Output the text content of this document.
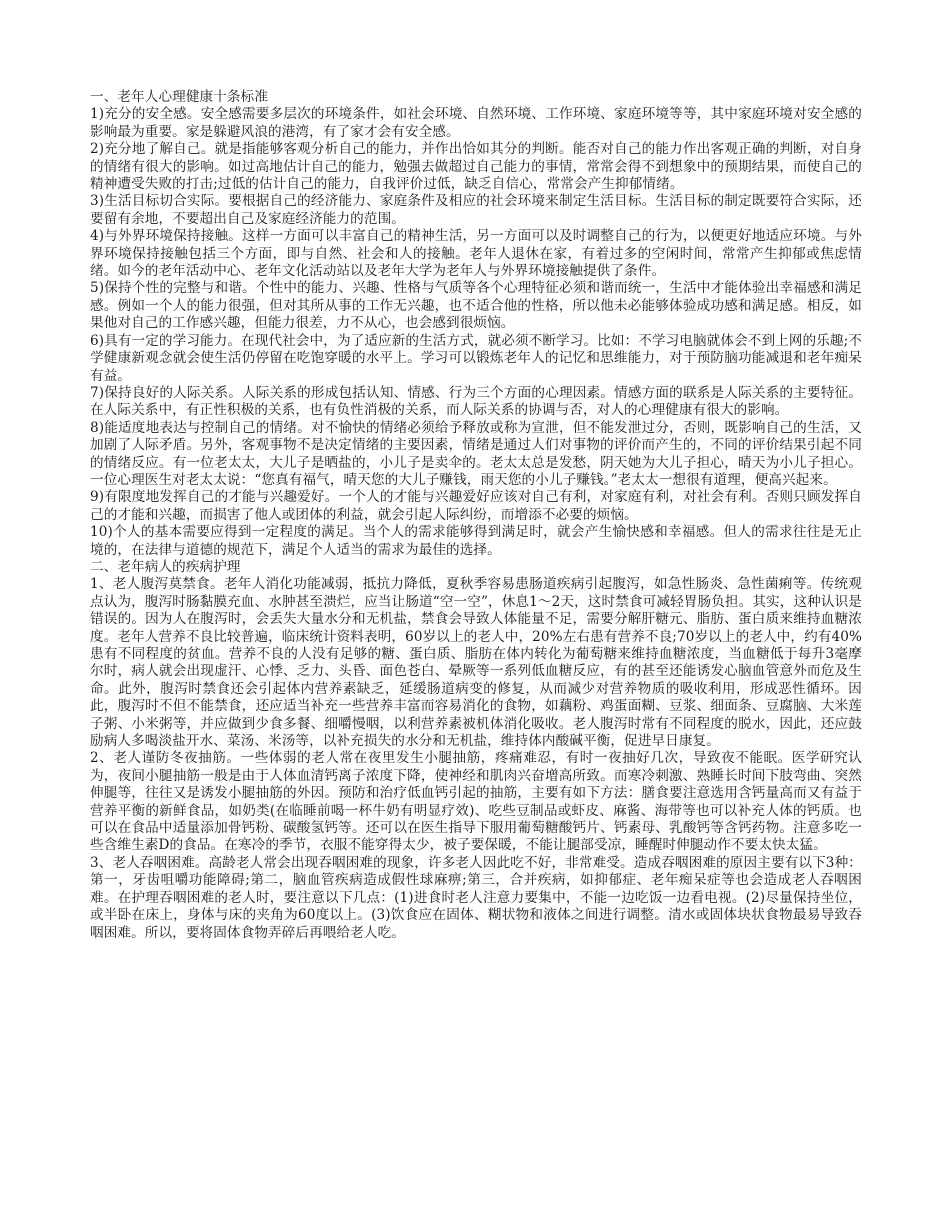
一、老年人心理健康十条标准

1)充分的安全感。安全感需要多层次的环境条件，如社会环境、自然环境、工作环境、家庭环境等等，其中家庭环境对安全感的影响最为重要。家是躲避风浪的港湾，有了家才会有安全感。

2)充分地了解自己。就是指能够客观分析自己的能力，并作出恰如其分的判断。能否对自己的能力作出客观正确的判断，对自身的情绪有很大的影响。如过高地估计自己的能力，勉强去做超过自己能力的事情，常常会得不到想象中的预期结果，而使自己的精神遭受失败的打击;过低的估计自己的能力，自我评价过低，缺乏自信心，常常会产生抑郁情绪。

3)生活目标切合实际。要根据自己的经济能力、家庭条件及相应的社会环境来制定生活目标。生活目标的制定既要符合实际，还要留有余地，不要超出自己及家庭经济能力的范围。

4)与外界环境保持接触。这样一方面可以丰富自己的精神生活，另一方面可以及时调整自己的行为，以便更好地适应环境。与外界环境保持接触包括三个方面，即与自然、社会和人的接触。老年人退休在家，有着过多的空闲时间，常常产生抑郁或焦虑情绪。如今的老年活动中心、老年文化活动站以及老年大学为老年人与外界环境接触提供了条件。

5)保持个性的完整与和谐。个性中的能力、兴趣、性格与气质等各个心理特征必须和谐而统一，生活中才能体验出幸福感和满足感。例如一个人的能力很强，但对其所从事的工作无兴趣，也不适合他的性格，所以他未必能够体验成功感和满足感。相反，如果他对自己的工作感兴趣，但能力很差，力不从心，也会感到很烦恼。

6)具有一定的学习能力。在现代社会中，为了适应新的生活方式，就必须不断学习。比如：不学习电脑就体会不到上网的乐趣;不学健康新观念就会使生活仍停留在吃饱穿暖的水平上。学习可以锻炼老年人的记忆和思维能力，对于预防脑功能减退和老年痴呆有益。

7)保持良好的人际关系。人际关系的形成包括认知、情感、行为三个方面的心理因素。情感方面的联系是人际关系的主要特征。在人际关系中，有正性积极的关系，也有负性消极的关系，而人际关系的协调与否，对人的心理健康有很大的影响。

8)能适度地表达与控制自己的情绪。对不愉快的情绪必须给予释放或称为宣泄，但不能发泄过分，否则，既影响自己的生活，又加剧了人际矛盾。另外，客观事物不是决定情绪的主要因素，情绪是通过人们对事物的评价而产生的，不同的评价结果引起不同的情绪反应。有一位老太太，大儿子是晒盐的，小儿子是卖伞的。老太太总是发愁，阴天她为大儿子担心，晴天为小儿子担心。一位心理医生对老太太说：“您真有福气，晴天您的大儿子赚钱，雨天您的小儿子赚钱。”老太太一想很有道理，便高兴起来。

9)有限度地发挥自己的才能与兴趣爱好。一个人的才能与兴趣爱好应该对自己有利，对家庭有利，对社会有利。否则只顾发挥自己的才能和兴趣，而损害了他人或团体的利益，就会引起人际纠纷，而增添不必要的烦恼。

10)个人的基本需要应得到一定程度的满足。当个人的需求能够得到满足时，就会产生愉快感和幸福感。但人的需求往往是无止境的，在法律与道德的规范下，满足个人适当的需求为最佳的选择。

二、老年病人的疾病护理

1、老人腹泻莫禁食。老年人消化功能减弱，抵抗力降低，夏秋季容易患肠道疾病引起腹泻，如急性肠炎、急性菌痢等。传统观点认为，腹泻时肠黏膜充血、水肿甚至溃烂，应当让肠道“空一空”，休息1～2天，这时禁食可减轻胃肠负担。其实，这种认识是错误的。因为人在腹泻时，会丢失大量水分和无机盐，禁食会导致人体能量不足，需要分解肝糖元、脂肪、蛋白质来维持血糖浓度。老年人营养不良比较普遍，临床统计资料表明，60岁以上的老人中，20%左右患有营养不良;70岁以上的老人中，约有40%患有不同程度的贫血。营养不良的人没有足够的糖、蛋白质、脂肪在体内转化为葡萄糖来维持血糖浓度，当血糖低于每升3毫摩尔时，病人就会出现虚汗、心悸、乏力、头昏、面色苍白、晕厥等一系列低血糖反应，有的甚至还能诱发心脑血管意外而危及生命。此外，腹泻时禁食还会引起体内营养素缺乏，延缓肠道病变的修复，从而减少对营养物质的吸收利用，形成恶性循环。因此，腹泻时不但不能禁食，还应适当补充一些营养丰富而容易消化的食物，如藕粉、鸡蛋面糊、豆浆、细面条、豆腐脑、大米莲子粥、小米粥等，并应做到少食多餐、细嚼慢咽，以利营养素被机体消化吸收。老人腹泻时常有不同程度的脱水，因此，还应鼓励病人多喝淡盐开水、菜汤、米汤等，以补充损失的水分和无机盐，维持体内酸碱平衡，促进早日康复。

2、老人谨防冬夜抽筋。一些体弱的老人常在夜里发生小腿抽筋，疼痛难忍，有时一夜抽好几次，导致夜不能眠。医学研究认为，夜间小腿抽筋一般是由于人体血清钙离子浓度下降，使神经和肌肉兴奋增高所致。而寒冷刺激、熟睡长时间下肢弯曲、突然伸腿等，往往又是诱发小腿抽筋的外因。预防和治疗低血钙引起的抽筋，主要有如下方法：膳食要注意选用含钙量高而又有益于营养平衡的新鲜食品，如奶类(在临睡前喝一杯牛奶有明显疗效)、吃些豆制品或虾皮、麻酱、海带等也可以补充人体的钙质。也可以在食品中适量添加骨钙粉、碳酸氢钙等。还可以在医生指导下服用葡萄糖酸钙片、钙素母、乳酸钙等含钙药物。注意多吃一些含维生素D的食品。在寒冷的季节，衣服不能穿得太少，被子要保暖，不能让腿部受凉，睡醒时伸腿动作不要太快太猛。

3、老人吞咽困难。高龄老人常会出现吞咽困难的现象，许多老人因此吃不好，非常难受。造成吞咽困难的原因主要有以下3种：第一，牙齿咀嚼功能障碍;第二，脑血管疾病造成假性球麻痹;第三，合并疾病，如抑郁症、老年痴呆症等也会造成老人吞咽困难。在护理吞咽困难的老人时，要注意以下几点：(1)进食时老人注意力要集中，不能一边吃饭一边看电视。(2)尽量保持坐位，或半卧在床上，身体与床的夹角为60度以上。(3)饮食应在固体、糊状物和液体之间进行调整。清水或固体块状食物最易导致吞咽困难。所以，要将固体食物弄碎后再喂给老人吃。
